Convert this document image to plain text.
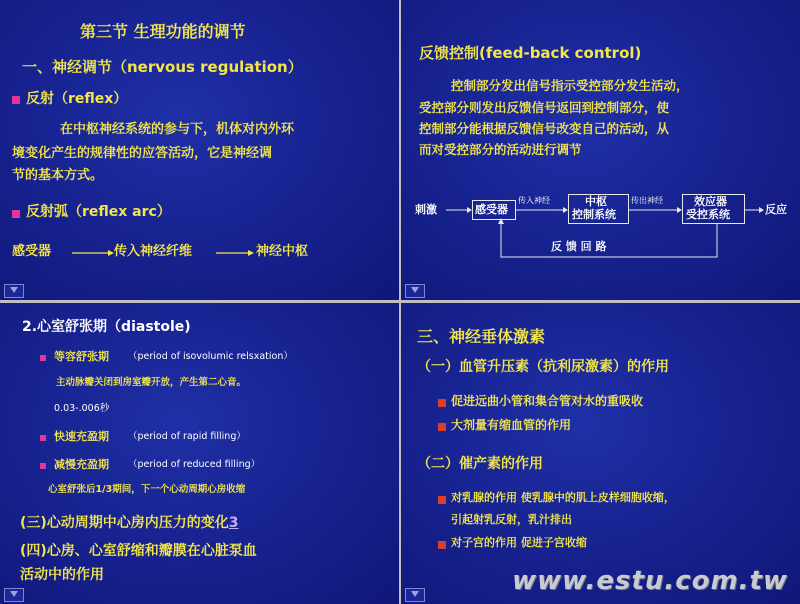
第三节 生理功能的调节
一、神经调节（nervous regulation）
反射（reflex）
在中枢神经系统的参与下，机体对内外环
境变化产生的规律性的应答活动，它是神经调
节的基本方式。
反射弧（reflex arc）
感受器	传入神经纤维	神经中枢
反馈控制(feed-back control)
控制部分发出信号指示受控部分发生活动，
受控部分则发出反馈信号返回到控制部分，使
控制部分能根据反馈信号改变自己的活动，从
而对受控部分的活动进行调节
刺激	感受器
传入神经	中枢
控制系统
传出神经	效应器
受控系统	反应
反 馈 回 路
2.心室舒张期（diastole)
等容舒张期 （period of isovolumic relsxation）
主动脉瓣关闭到房室瓣开放，产生第二心音。
0.03-.006秒
快速充盈期 （period of rapid filling）
减慢充盈期 （period of reduced filling）
心室舒张后1/3期间，下一个心动周期心房收缩
(三)心动周期中心房内压力的变化3
(四)心房、心室舒缩和瓣膜在心脏泵血
活动中的作用
三、神经垂体激素
（一）血管升压素（抗利尿激素）的作用
促进远曲小管和集合管对水的重吸收
大剂量有缩血管的作用
（二）催产素的作用
对乳腺的作用 使乳腺中的肌上皮样细胞收缩，
引起射乳反射，乳汁排出
对子宫的作用 促进子宫收缩
www.estu.com.tw
